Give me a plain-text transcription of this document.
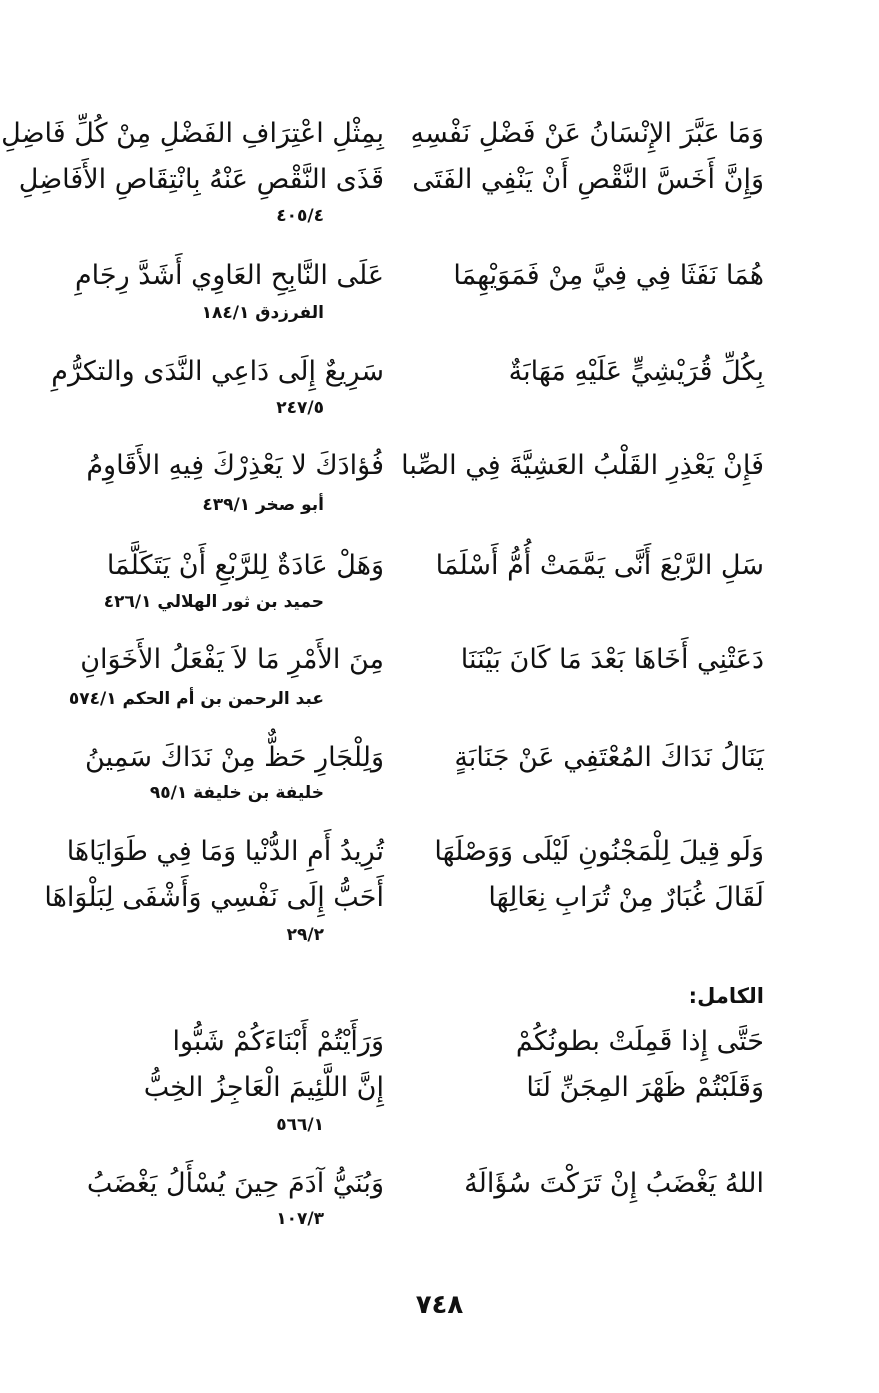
وَمَا عَبَّرَ الإِنْسَانُ عَنْ فَضْلِ نَفْسِهِ
بِمِثْلِ اعْتِرَافِ الفَضْلِ مِنْ كُلِّ فَاضِلِ
وَإِنَّ أَخَسَّ النَّقْصِ أَنْ يَنْفِي الفَتَى
قَذَى النَّقْصِ عَنْهُ بِانْتِقَاصِ الأَفَاضِلِ
٤٠٥/٤
هُمَا نَفَثَا فِي فِيَّ مِنْ فَمَوَيْهِمَا
عَلَى النَّابِحِ العَاوِي أَشَدَّ رِجَامِ
الفرزدق ١٨٤/١
بِكُلِّ قُرَيْشِيٍّ عَلَيْهِ مَهَابَةٌ
سَرِيعٌ إِلَى دَاعِي النَّدَى والتكرُّمِ
٢٤٧/٥
فَإِنْ يَعْذِرِ القَلْبُ العَشِيَّةَ فِي الصِّبا
فُؤادَكَ لا يَعْذِرْكَ فِيهِ الأَقَاوِمُ
أبو صخر ٤٣٩/١
سَلِ الرَّبْعَ أَنَّى يَمَّمَتْ أُمُّ أَسْلَمَا
وَهَلْ عَادَةٌ لِلرَّبْعِ أَنْ يَتَكَلَّمَا
حميد بن ثور الهلالي ٤٢٦/١
دَعَتْنِي أَخَاهَا بَعْدَ مَا كَانَ بَيْنَنَا
مِنَ الأَمْرِ مَا لاَ يَفْعَلُ الأَخَوَانِ
عبد الرحمن بن أم الحكم ٥٧٤/١
يَنَالُ نَدَاكَ المُعْتَفِي عَنْ جَنَابَةٍ
وَلِلْجَارِ حَظٌّ مِنْ نَدَاكَ سَمِينُ
خليفة بن خليفة ٩٥/١
وَلَو قِيلَ لِلْمَجْنُونِ لَيْلَى وَوَصْلَهَا
تُرِيدُ أَمِ الدُّنْيا وَمَا فِي طَوَايَاهَا
لَقَالَ غُبَارٌ مِنْ تُرَابِ نِعَالِهَا
أَحَبُّ إِلَى نَفْسِي وَأَشْفَى لِبَلْوَاهَا
٢٩/٢
الكامل:
حَتَّى إِذا قَمِلَتْ بطونُكُمْ
وَرَأَيْتُمْ أَبْنَاءَكُمْ شَبُّوا
وَقَلَبْتُمْ ظَهْرَ المِجَنِّ لَنَا
إِنَّ اللَّئِيمَ الْعَاجِزُ الخِبُّ
٥٦٦/١
اللهُ يَغْضَبُ إِنْ تَرَكْتَ سُؤَالَهُ
وَبُنَيُّ آدَمَ حِينَ يُسْأَلُ يَغْضَبُ
١٠٧/٣
٧٤٨
